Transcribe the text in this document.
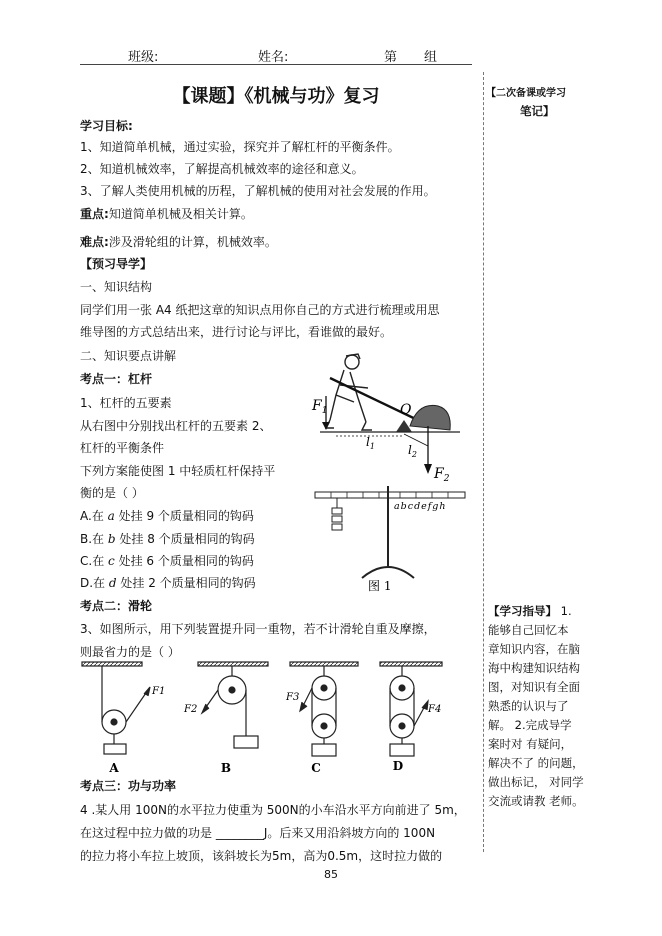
班级:	姓名:	第 组
【课题】《机械与功》复习
学习目标:
1、知道简单机械，通过实验，探究并了解杠杆的平衡条件。
2、知道机械效率，了解提高机械效率的途径和意义。
3、了解人类使用机械的历程，了解机械的使用对社会发展的作用。
重点:知道简单机械及相关计算。
难点:涉及滑轮组的计算，机械效率。
【预习导学】
一、知识结构
同学们用一张 A4 纸把这章的知识点用你自己的方式进行梳理或用思
维导图的方式总结出来，进行讨论与评比，看谁做的最好。
二、知识要点讲解
考点一：杠杆
1、杠杆的五要素
从右图中分别找出杠杆的五要素 2、
杠杆的平衡条件
下列方案能使图 1 中轻质杠杆保持平
衡的是（ ）
A.在 a 处挂 9 个质量相同的钩码
B.在 b 处挂 8 个质量相同的钩码
C.在 c 处挂 6 个质量相同的钩码
D.在 d 处挂 2 个质量相同的钩码
$F_1$	O
$l_1$	$l_2$
$F_2$
abcdefgh
图 1
考点二：滑轮
3、如图所示，用下列装置提升同一重物，若不计滑轮自重及摩擦，
则最省力的是（ ）
F1
F2
F3
F4
A	B	C	D
考点三：功与功率
4 .某人用 100N的水平拉力使重为 500N的小车沿水平方向前进了 5m，
在这过程中拉力做的功是 ________J。后来又用沿斜坡方向的 100N
的拉力将小车拉上坡顶，该斜坡长为5m，高为0.5m，这时拉力做的
【二次备课或学习
笔记】
【学习指导】 1.
能够自己回忆本
章知识内容，在脑
海中构建知识结构
图，对知识有全面
熟悉的认识与了
解。 2.完成导学
案时对 有疑问，
解决不了 的问题，
做出标记， 对同学
交流或请教 老师。
85
